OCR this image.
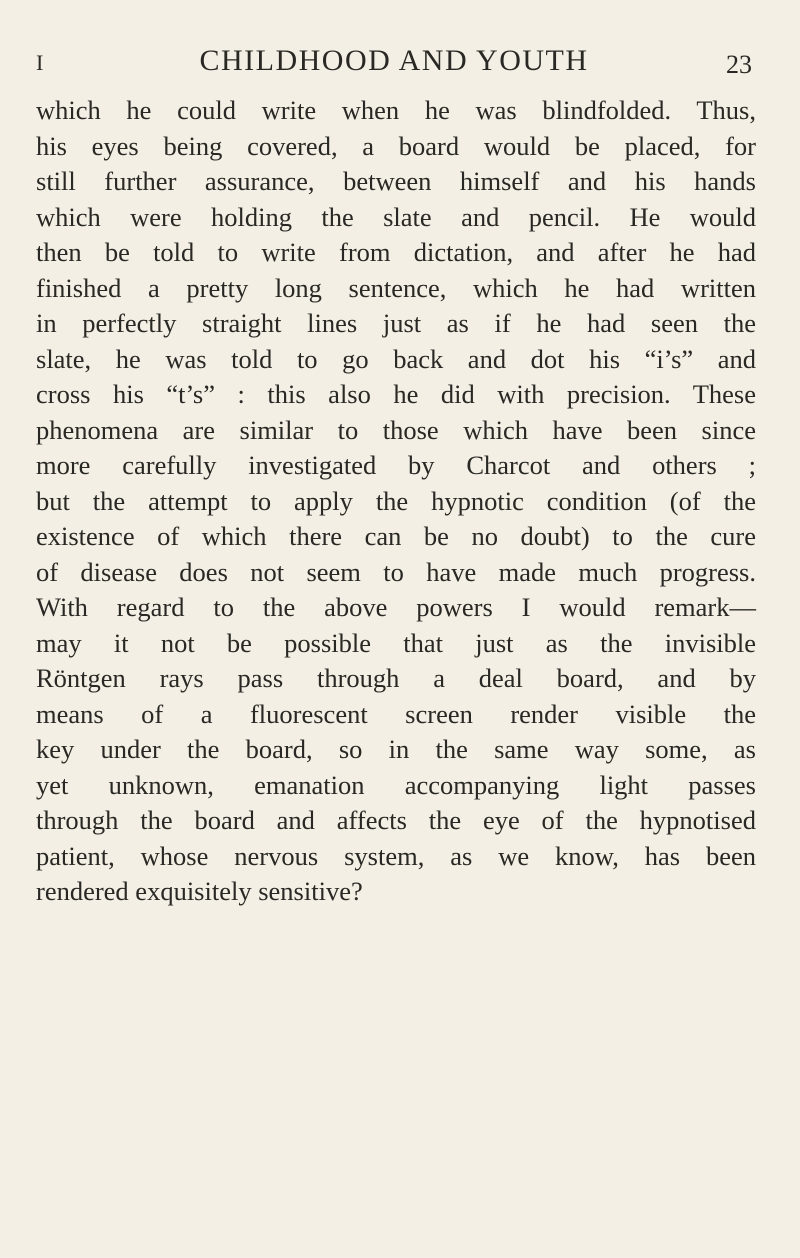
I	CHILDHOOD AND YOUTH	23
which he could write when he was blindfolded. Thus,
his eyes being covered, a board would be placed, for
still further assurance, between himself and his hands
which were holding the slate and pencil. He would
then be told to write from dictation, and after he had
finished a pretty long sentence, which he had written
in perfectly straight lines just as if he had seen the
slate, he was told to go back and dot his “i’s” and
cross his “t’s” : this also he did with precision. These
phenomena are similar to those which have been since
more carefully investigated by Charcot and others ;
but the attempt to apply the hypnotic condition (of the
existence of which there can be no doubt) to the cure
of disease does not seem to have made much progress.
With regard to the above powers I would remark—
may it not be possible that just as the invisible
Röntgen rays pass through a deal board, and by
means of a fluorescent screen render visible the
key under the board, so in the same way some, as
yet unknown, emanation accompanying light passes
through the board and affects the eye of the hypnotised
patient, whose nervous system, as we know, has been
rendered exquisitely sensitive?
